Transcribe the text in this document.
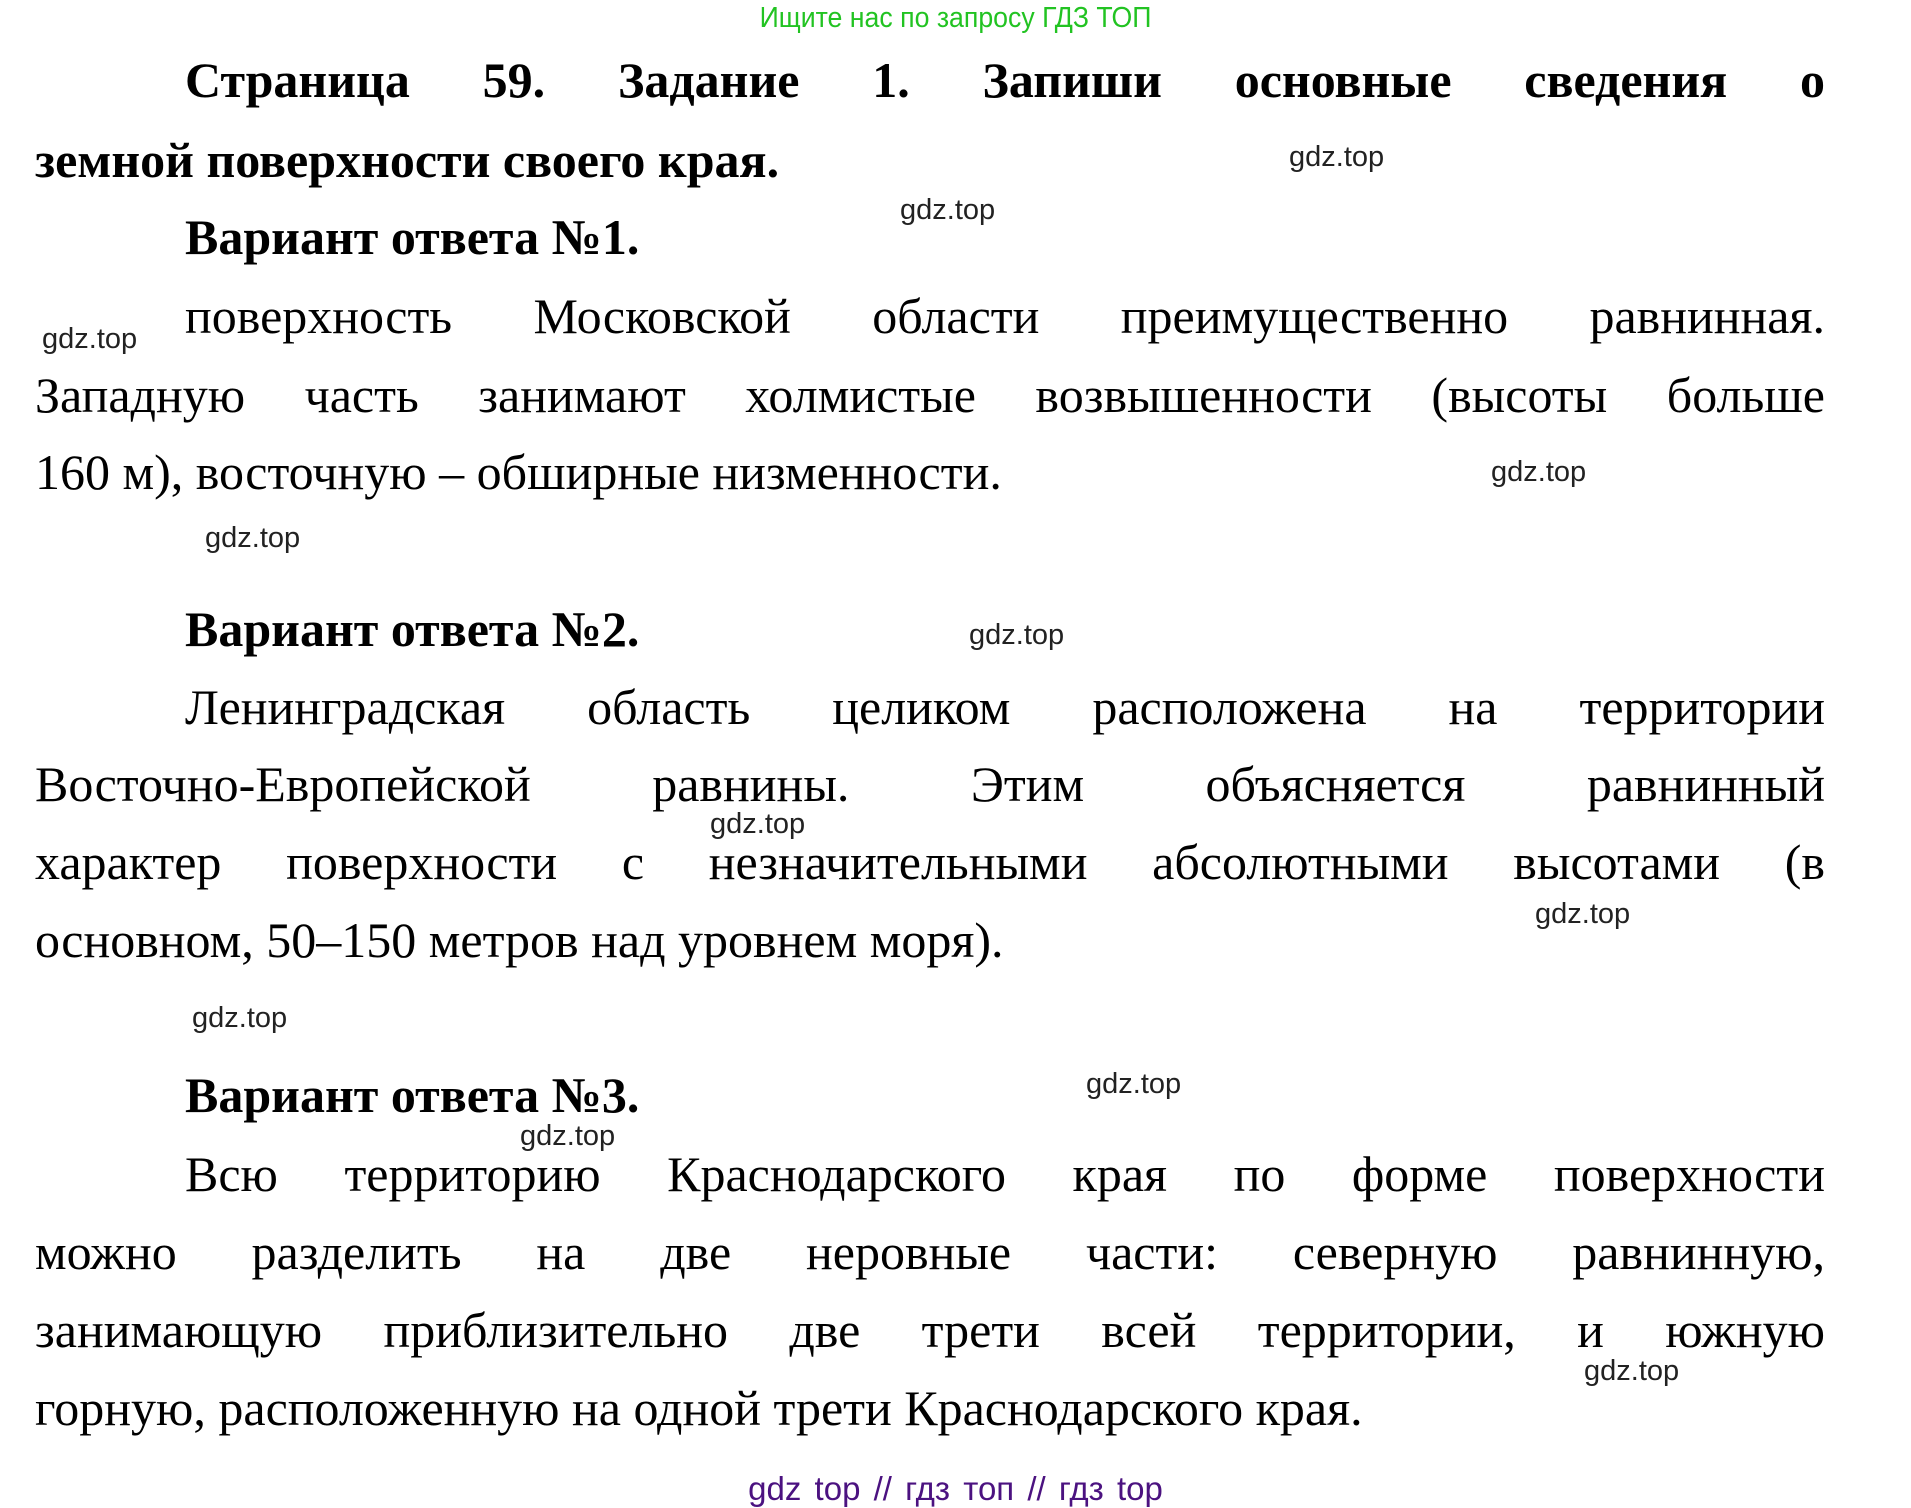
Ищите нас по запросу ГДЗ ТОП
Страница 59. Задание 1. Запиши основные сведения о
земной поверхности своего края.
Вариант ответа №1.
поверхность Московской области преимущественно равнинная.
Западную часть занимают холмистые возвышенности (высоты больше
160 м), восточную – обширные низменности.
Вариант ответа №2.
Ленинградская область целиком расположена на территории
Восточно-Европейской равнины. Этим объясняется равнинный
характер поверхности с незначительными абсолютными высотами (в
основном, 50–150 метров над уровнем моря).
Вариант ответа №3.
Всю территорию Краснодарского края по форме поверхности
можно разделить на две неровные части: северную равнинную,
занимающую приблизительно две трети всей территории, и южную
горную, расположенную на одной трети Краснодарского края.
gdz.top
gdz.top
gdz.top
gdz.top
gdz.top
gdz.top
gdz.top
gdz.top
gdz.top
gdz.top
gdz.top
gdz.top
gdz top // гдз топ // гдз top
